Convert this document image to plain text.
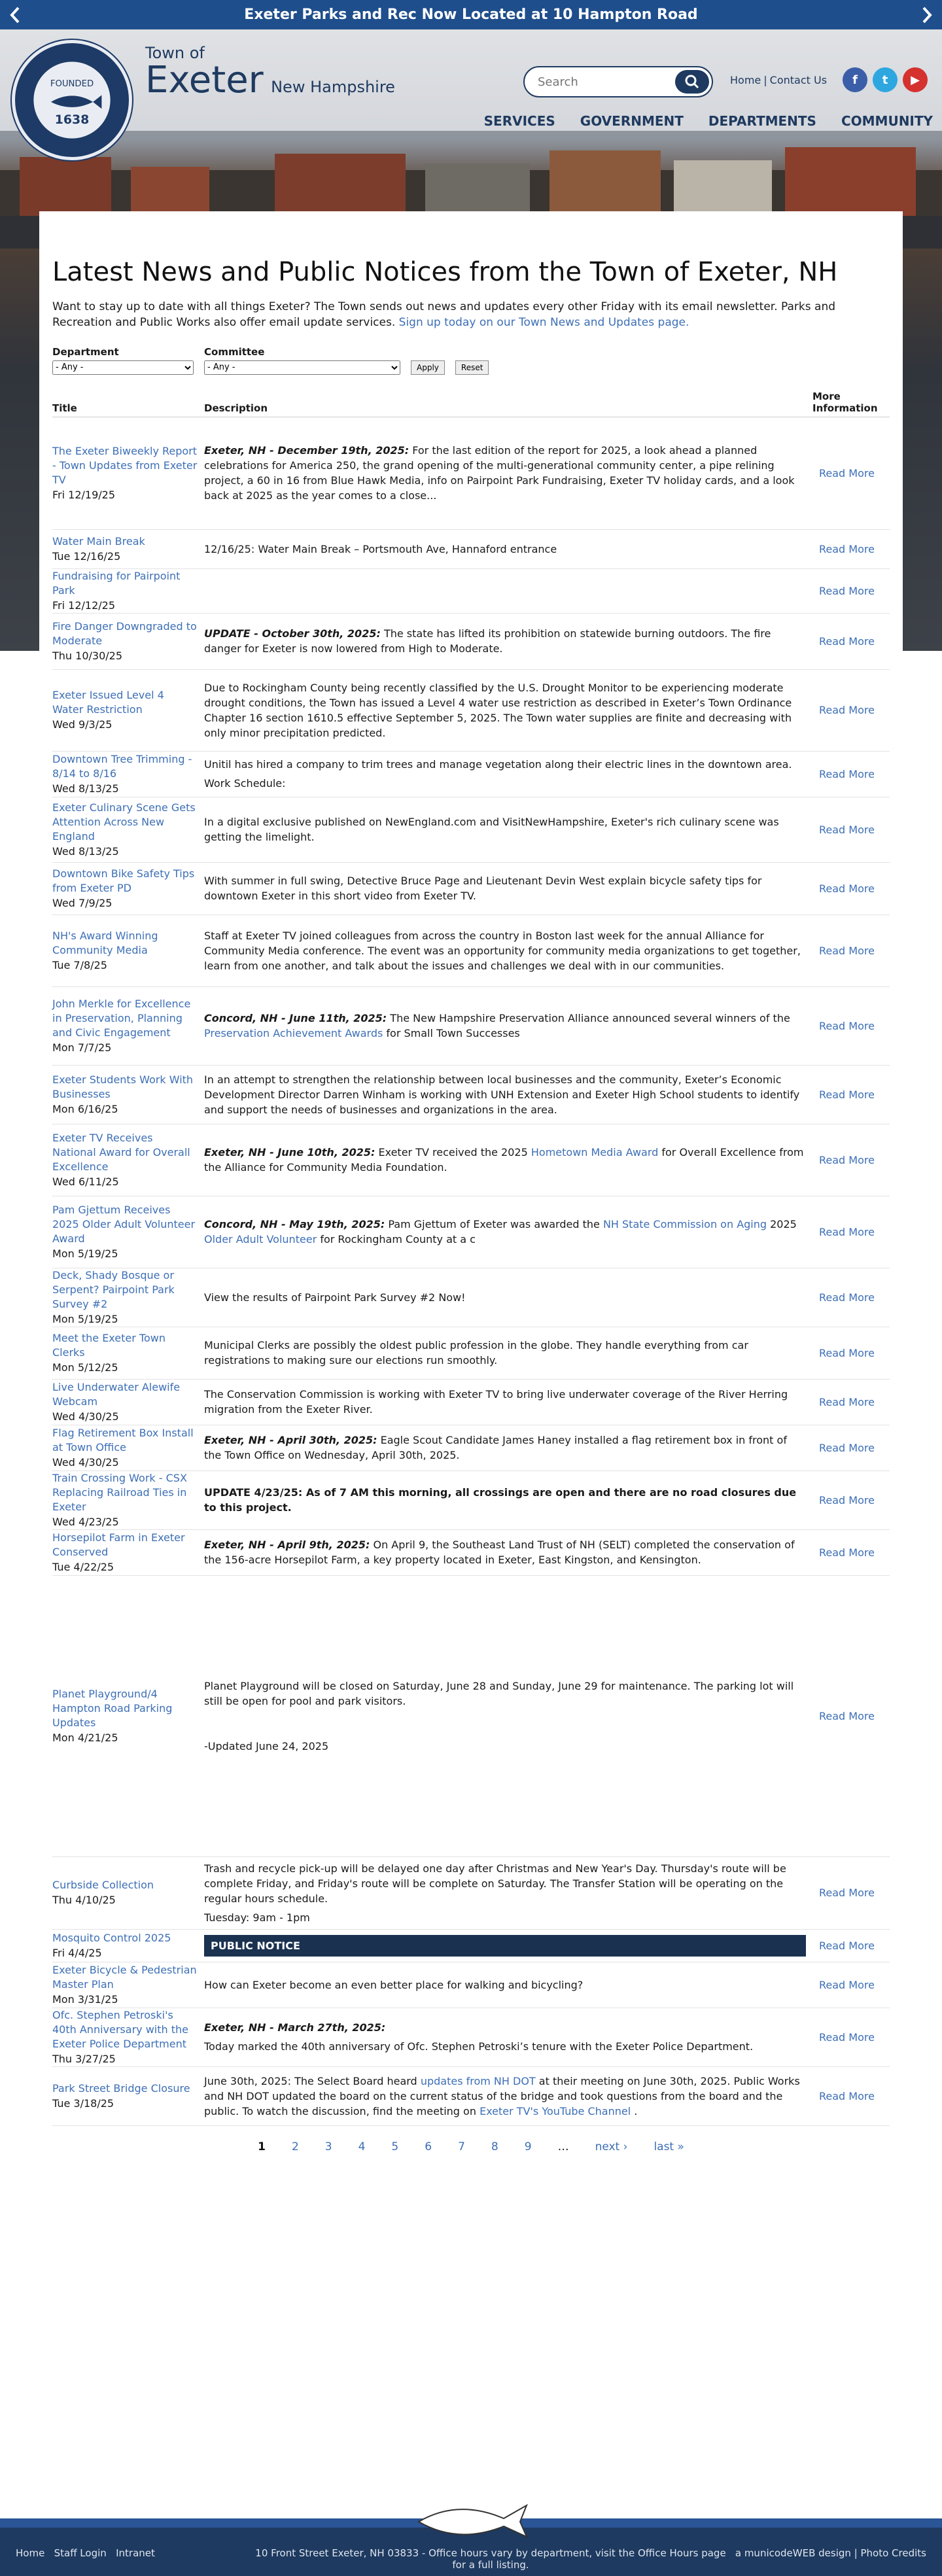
Exeter Parks and Rec Now Located at 10 Hampton Road
FOUNDED
1638
Town of
Exeter New Hampshire
Search	Home | Contact Us	f	t	▶
SERVICES GOVERNMENT DEPARTMENTS COMMUNITY
Latest News and Public Notices from the Town of Exeter, NH

Want to stay up to date with all things Exeter? The Town sends out news and updates every other Friday with its email newsletter. Parks and Recreation and Public Works also offer email update services. Sign up today on our Town News and Updates page.

Department
- Any -	Committee
- Any -
Apply	Reset
Title	Description	More Information

The Exeter Biweekly Report - Town Updates from Exeter TV
Fri 12/19/25	Exeter, NH - December 19th, 2025: For the last edition of the report for 2025, a look ahead a planned celebrations for America 250, the grand opening of the multi-generational community center, a pipe relining project, a 60 in 16 from Blue Hawk Media, info on Pairpoint Park Fundraising, Exeter TV holiday cards, and a look back at 2025 as the year comes to a close...	Read More

Water Main Break
Tue 12/16/25	12/16/25: Water Main Break – Portsmouth Ave, Hannaford entrance	Read More

Fundraising for Pairpoint Park
Fri 12/12/25		Read More

Fire Danger Downgraded to Moderate
Thu 10/30/25	UPDATE - October 30th, 2025: The state has lifted its prohibition on statewide burning outdoors. The fire danger for Exeter is now lowered from High to Moderate.	Read More

Exeter Issued Level 4 Water Restriction
Wed 9/3/25	Due to Rockingham County being recently classified by the U.S. Drought Monitor to be experiencing moderate drought conditions, the Town has issued a Level 4 water use restriction as described in Exeter’s Town Ordinance Chapter 16 section 1610.5 effective September 5, 2025. The Town water supplies are finite and decreasing with only minor precipitation predicted.	Read More

Downtown Tree Trimming - 8/14 to 8/16
Wed 8/13/25	Unitil has hired a company to trim trees and manage vegetation along their electric lines in the downtown area.
Work Schedule:	Read More

Exeter Culinary Scene Gets Attention Across New England
Wed 8/13/25	In a digital exclusive published on NewEngland.com and VisitNewHampshire, Exeter's rich culinary scene was getting the limelight.	Read More

Downtown Bike Safety Tips from Exeter PD
Wed 7/9/25	With summer in full swing, Detective Bruce Page and Lieutenant Devin West explain bicycle safety tips for downtown Exeter in this short video from Exeter TV.	Read More

NH's Award Winning Community Media
Tue 7/8/25	Staff at Exeter TV joined colleagues from across the country in Boston last week for the annual Alliance for Community Media conference. The event was an opportunity for community media organizations to get together, learn from one another, and talk about the issues and challenges we deal with in our communities.	Read More

John Merkle for Excellence in Preservation, Planning and Civic Engagement
Mon 7/7/25	Concord, NH - June 11th, 2025: The New Hampshire Preservation Alliance announced several winners of the Preservation Achievement Awards for Small Town Successes	Read More

Exeter Students Work With Businesses
Mon 6/16/25	In an attempt to strengthen the relationship between local businesses and the community, Exeter’s Economic Development Director Darren Winham is working with UNH Extension and Exeter High School students to identify and support the needs of businesses and organizations in the area.	Read More

Exeter TV Receives National Award for Overall Excellence
Wed 6/11/25	Exeter, NH - June 10th, 2025: Exeter TV received the 2025 Hometown Media Award for Overall Excellence from the Alliance for Community Media Foundation.	Read More

Pam Gjettum Receives 2025 Older Adult Volunteer Award
Mon 5/19/25	Concord, NH - May 19th, 2025: Pam Gjettum of Exeter was awarded the NH State Commission on Aging 2025 Older Adult Volunteer for Rockingham County at a c	Read More

Deck, Shady Bosque or Serpent? Pairpoint Park Survey #2
Mon 5/19/25	View the results of Pairpoint Park Survey #2 Now!	Read More

Meet the Exeter Town Clerks
Mon 5/12/25	Municipal Clerks are possibly the oldest public profession in the globe. They handle everything from car registrations to making sure our elections run smoothly.	Read More

Live Underwater Alewife Webcam
Wed 4/30/25	The Conservation Commission is working with Exeter TV to bring live underwater coverage of the River Herring migration from the Exeter River.	Read More

Flag Retirement Box Install at Town Office
Wed 4/30/25	Exeter, NH - April 30th, 2025: Eagle Scout Candidate James Haney installed a flag retirement box in front of the Town Office on Wednesday, April 30th, 2025.	Read More

Train Crossing Work - CSX Replacing Railroad Ties in Exeter
Wed 4/23/25	UPDATE 4/23/25: As of 7 AM this morning, all crossings are open and there are no road closures due to this project.	Read More

Horsepilot Farm in Exeter Conserved
Tue 4/22/25	Exeter, NH - April 9th, 2025: On April 9, the Southeast Land Trust of NH (SELT) completed the conservation of the 156-acre Horsepilot Farm, a key property located in Exeter, East Kingston, and Kensington.	Read More

Planet Playground/4 Hampton Road Parking Updates
Mon 4/21/25	Planet Playground will be closed on Saturday, June 28 and Sunday, June 29 for maintenance. The parking lot will still be open for pool and park visitors.
-Updated June 24, 2025	Read More

Curbside Collection
Thu 4/10/25	Trash and recycle pick-up will be delayed one day after Christmas and New Year's Day. Thursday's route will be complete Friday, and Friday's route will be complete on Saturday. The Transfer Station will be operating on the regular hours schedule.
Tuesday: 9am - 1pm	Read More

Mosquito Control 2025
Fri 4/4/25	PUBLIC NOTICE	Read More

Exeter Bicycle & Pedestrian Master Plan
Mon 3/31/25	How can Exeter become an even better place for walking and bicycling?	Read More

Ofc. Stephen Petroski's 40th Anniversary with the Exeter Police Department
Thu 3/27/25	Exeter, NH - March 27th, 2025:
Today marked the 40th anniversary of Ofc. Stephen Petroski’s tenure with the Exeter Police Department.	Read More

Park Street Bridge Closure
Tue 3/18/25	June 30th, 2025: The Select Board heard updates from NH DOT at their meeting on June 30th, 2025. Public Works and NH DOT updated the board on the current status of the bridge and took questions from the board and the public. To watch the discussion, find the meeting on Exeter TV's YouTube Channel .	Read More
1 2 3 4 5 6 7 8 9 … next › last »
Home Staff Login Intranet	10 Front Street Exeter, NH 03833 - Office hours vary by department, visit the Office Hours page for a full listing.
a municodeWEB design | Photo Credits
